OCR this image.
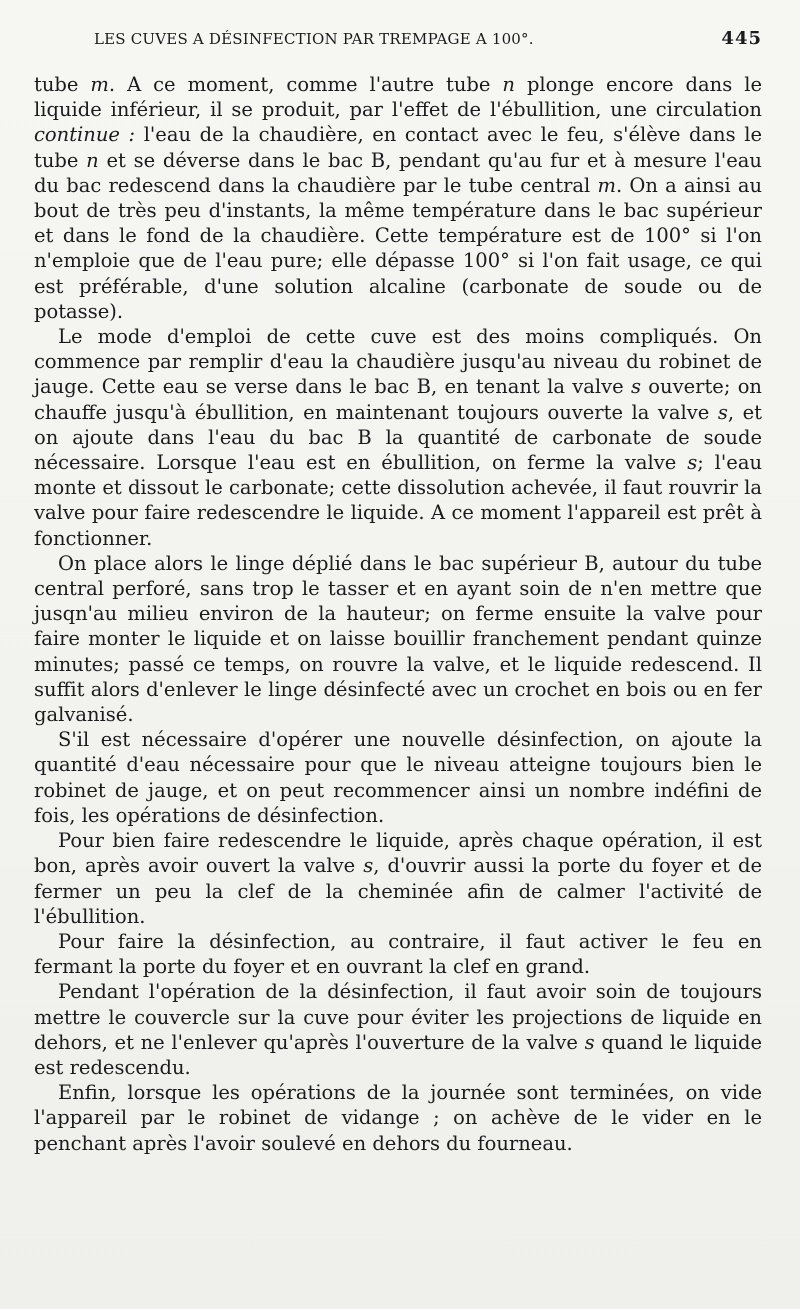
LES CUVES A DÉSINFECTION PAR TREMPAGE A 100°.	445

tube m. A ce moment, comme l'autre tube n plonge encore dans le liquide inférieur, il se produit, par l'effet de l'ébullition, une circulation continue : l'eau de la chaudière, en contact avec le feu, s'élève dans le tube n et se déverse dans le bac B, pendant qu'au fur et à mesure l'eau du bac redescend dans la chaudière par le tube central m. On a ainsi au bout de très peu d'instants, la même température dans le bac supérieur et dans le fond de la chaudière. Cette température est de 100° si l'on n'emploie que de l'eau pure; elle dépasse 100° si l'on fait usage, ce qui est préférable, d'une solution alcaline (carbonate de soude ou de potasse).

Le mode d'emploi de cette cuve est des moins compliqués. On commence par remplir d'eau la chaudière jusqu'au niveau du robinet de jauge. Cette eau se verse dans le bac B, en tenant la valve s ouverte; on chauffe jusqu'à ébullition, en maintenant toujours ouverte la valve s, et on ajoute dans l'eau du bac B la quantité de carbonate de soude nécessaire. Lorsque l'eau est en ébullition, on ferme la valve s; l'eau monte et dissout le carbonate; cette dissolution achevée, il faut rouvrir la valve pour faire redescendre le liquide. A ce moment l'appareil est prêt à fonctionner.

On place alors le linge déplié dans le bac supérieur B, autour du tube central perforé, sans trop le tasser et en ayant soin de n'en mettre que jusqn'au milieu environ de la hauteur; on ferme ensuite la valve pour faire monter le liquide et on laisse bouillir franchement pendant quinze minutes; passé ce temps, on rouvre la valve, et le liquide redescend. Il suffit alors d'enlever le linge désinfecté avec un crochet en bois ou en fer galvanisé.

S'il est nécessaire d'opérer une nouvelle désinfection, on ajoute la quantité d'eau nécessaire pour que le niveau atteigne toujours bien le robinet de jauge, et on peut recommencer ainsi un nombre indéfini de fois, les opérations de désinfection.

Pour bien faire redescendre le liquide, après chaque opération, il est bon, après avoir ouvert la valve s, d'ouvrir aussi la porte du foyer et de fermer un peu la clef de la cheminée afin de calmer l'activité de l'ébullition.

Pour faire la désinfection, au contraire, il faut activer le feu en fermant la porte du foyer et en ouvrant la clef en grand.

Pendant l'opération de la désinfection, il faut avoir soin de toujours mettre le couvercle sur la cuve pour éviter les projections de liquide en dehors, et ne l'enlever qu'après l'ouverture de la valve s quand le liquide est redescendu.

Enfin, lorsque les opérations de la journée sont terminées, on vide l'appareil par le robinet de vidange ; on achève de le vider en le penchant après l'avoir soulevé en dehors du fourneau.
